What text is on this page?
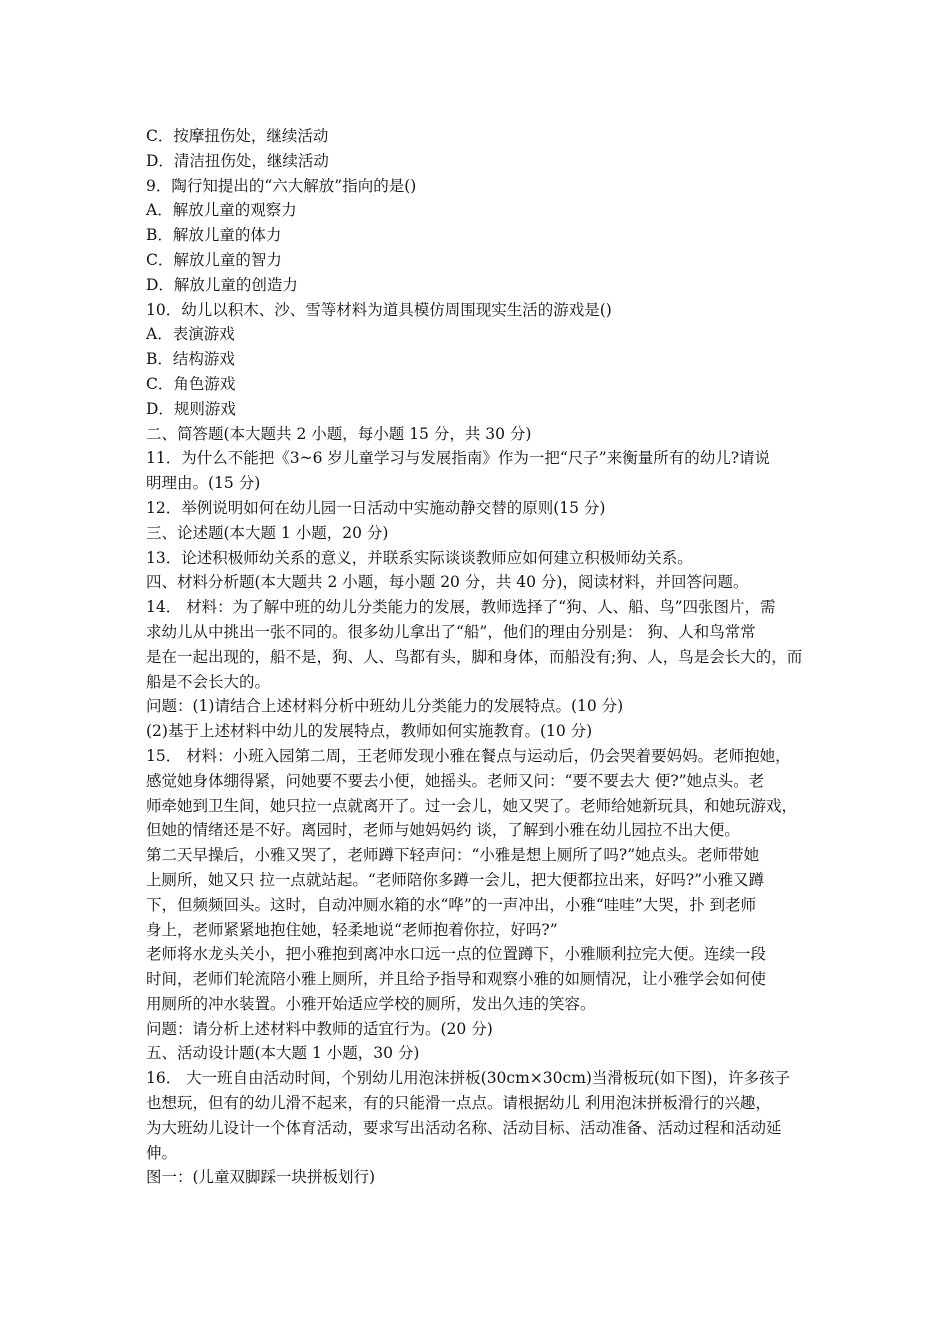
C．按摩扭伤处，继续活动
D．清洁扭伤处，继续活动
9．陶行知提出的“六大解放”指向的是()
A．解放儿童的观察力
B．解放儿童的体力
C．解放儿童的智力
D．解放儿童的创造力
10．幼儿以积木、沙、雪等材料为道具模仿周围现实生活的游戏是()
A．表演游戏
B．结构游戏
C．角色游戏
D．规则游戏
二、简答题(本大题共 2 小题，每小题 15 分，共 30 分)
11．为什么不能把《3~6 岁儿童学习与发展指南》作为一把“尺子”来衡量所有的幼儿?请说
明理由。(15 分)
12．举例说明如何在幼儿园一日活动中实施动静交替的原则(15 分)
三、论述题(本大题 1 小题，20 分)
13．论述积极师幼关系的意义，并联系实际谈谈教师应如何建立积极师幼关系。
四、材料分析题(本大题共 2 小题，每小题 20 分，共 40 分)，阅读材料，并回答问题。
14． 材料：为了解中班的幼儿分类能力的发展，教师选择了“狗、人、船、鸟”四张图片，需
求幼儿从中挑出一张不同的。很多幼儿拿出了“船”，他们的理由分别是： 狗、人和鸟常常
是在一起出现的，船不是，狗、人、鸟都有头，脚和身体，而船没有;狗、人，鸟是会长大的，而
船是不会长大的。
问题：(1)请结合上述材料分析中班幼儿分类能力的发展特点。(10 分)
(2)基于上述材料中幼儿的发展特点，教师如何实施教育。(10 分)
15． 材料：小班入园第二周，王老师发现小雅在餐点与运动后，仍会哭着要妈妈。老师抱她，
感觉她身体绷得紧，问她要不要去小便，她摇头。老师又问：“要不要去大 便?”她点头。老
师牵她到卫生间，她只拉一点就离开了。过一会儿，她又哭了。老师给她新玩具，和她玩游戏，
但她的情绪还是不好。离园时，老师与她妈妈约 谈，了解到小雅在幼儿园拉不出大便。
第二天早操后，小雅又哭了，老师蹲下轻声问：“小雅是想上厕所了吗?”她点头。老师带她
上厕所，她又只 拉一点就站起。“老师陪你多蹲一会儿，把大便都拉出来，好吗?”小雅又蹲
下，但频频回头。这时，自动冲厕水箱的水“哗”的一声冲出，小雅“哇哇”大哭，扑 到老师
身上，老师紧紧地抱住她，轻柔地说“老师抱着你拉，好吗?”
老师将水龙头关小，把小雅抱到离冲水口远一点的位置蹲下，小雅顺利拉完大便。连续一段
时间，老师们轮流陪小雅上厕所，并且给予指导和观察小雅的如厕情况，让小雅学会如何使
用厕所的冲水装置。小雅开始适应学校的厕所，发出久违的笑容。
问题：请分析上述材料中教师的适宜行为。(20 分)
五、活动设计题(本大题 1 小题，30 分)
16． 大一班自由活动时间，个别幼儿用泡沫拼板(30cm×30cm)当滑板玩(如下图)，许多孩子
也想玩，但有的幼儿滑不起来，有的只能滑一点点。请根据幼儿 利用泡沫拼板滑行的兴趣，
为大班幼儿设计一个体育活动，要求写出活动名称、活动目标、活动准备、活动过程和活动延
伸。
图一：(儿童双脚踩一块拼板划行)
